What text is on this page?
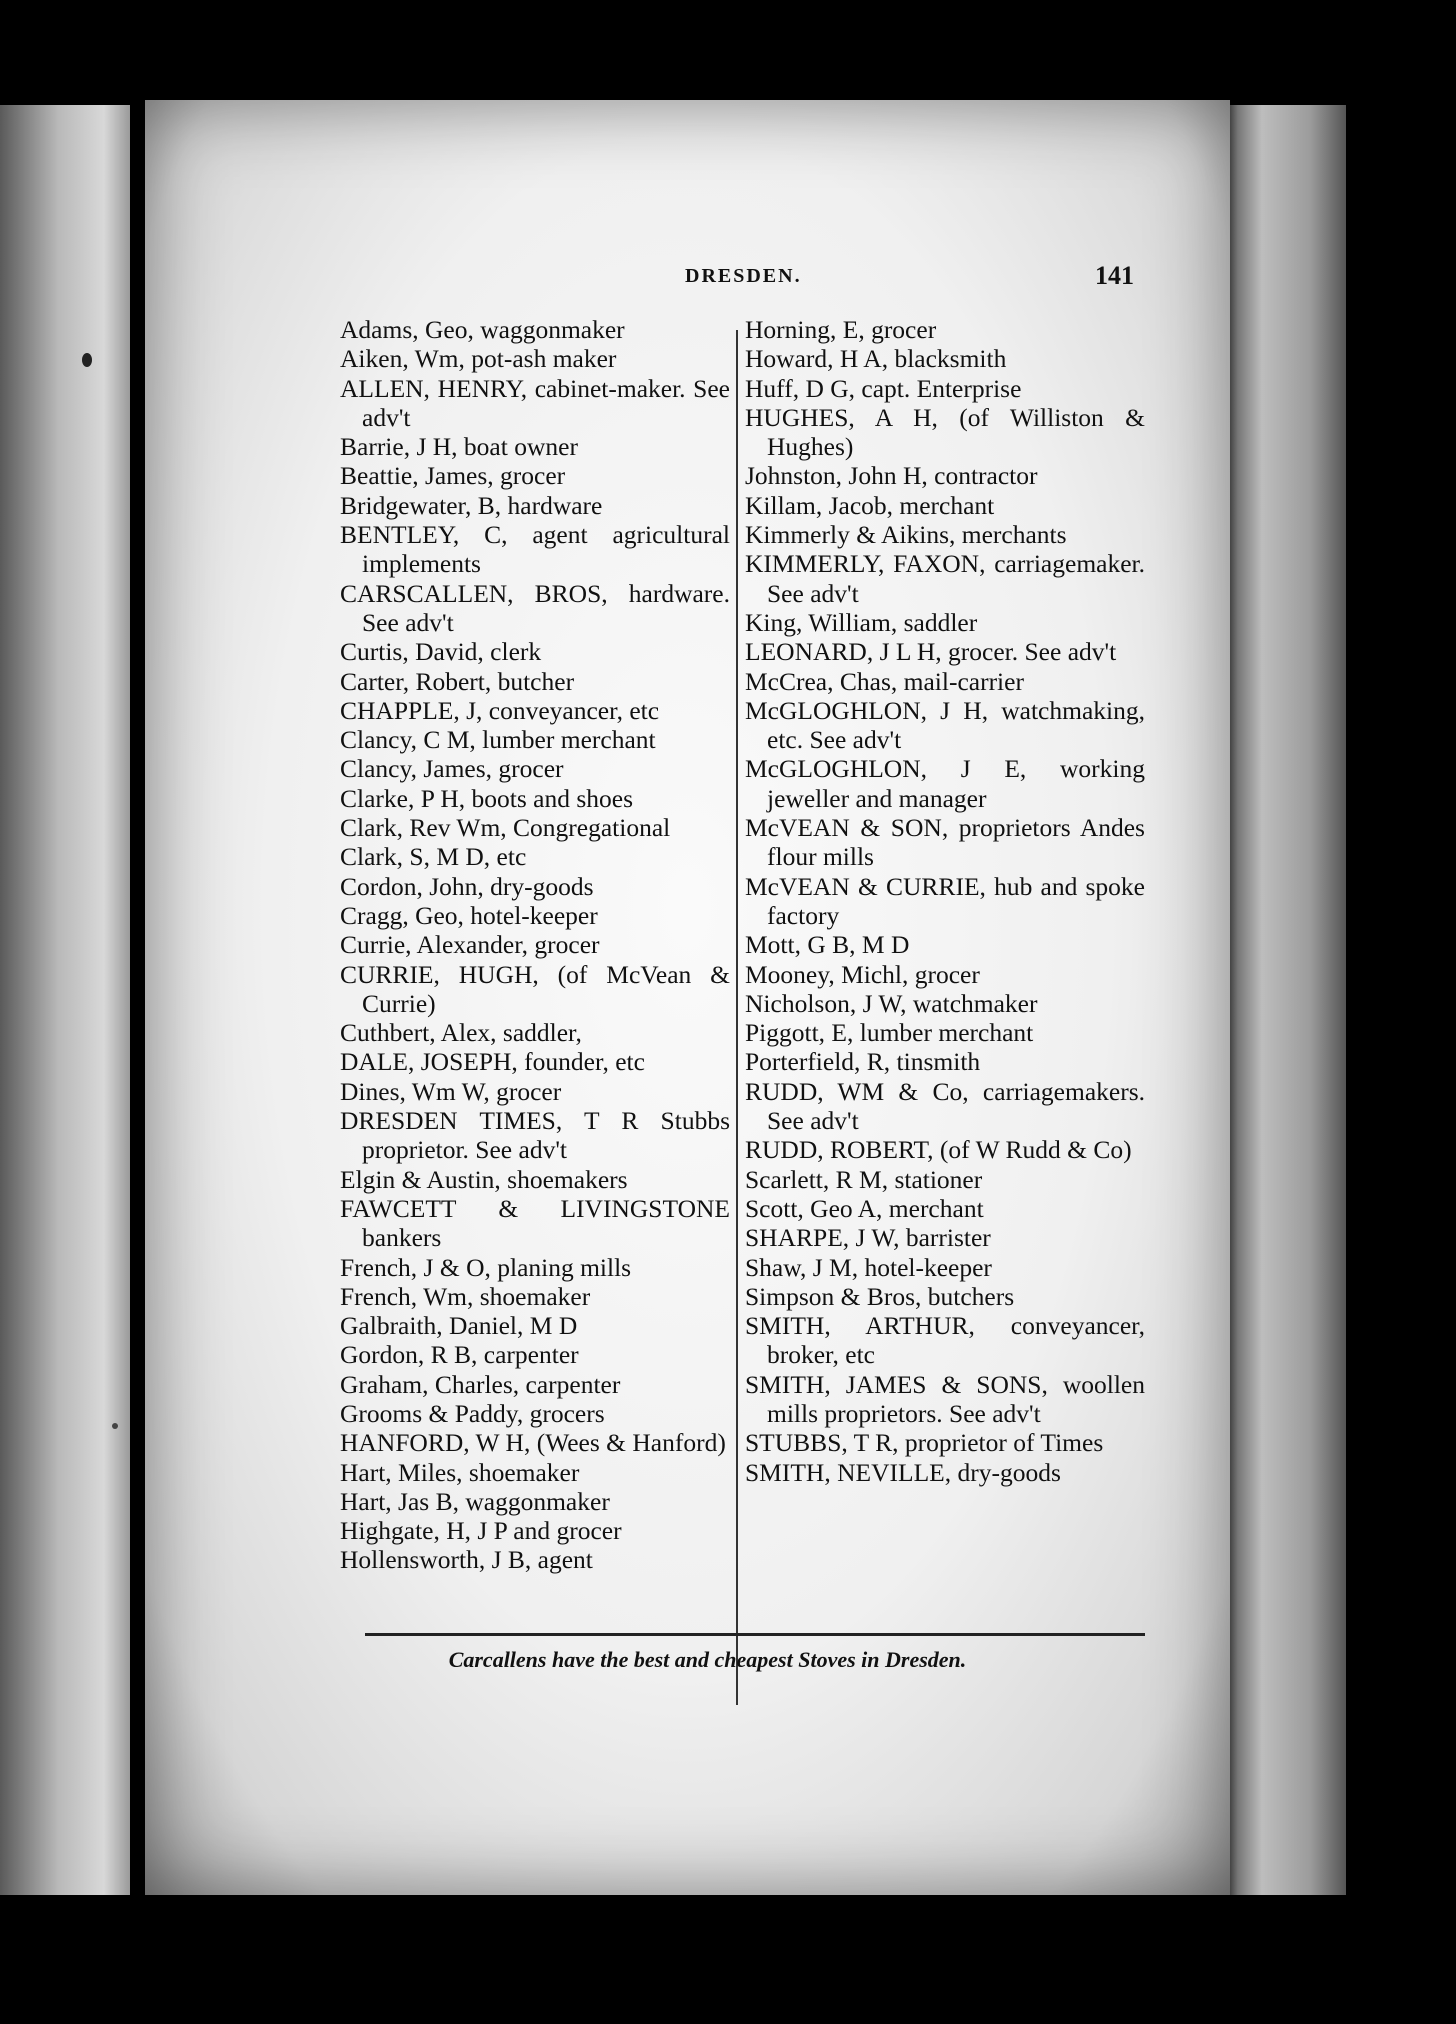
DRESDEN.	141
Adams, Geo, waggonmaker
Aiken, Wm, pot-ash maker
ALLEN, HENRY, cabinet-maker. See adv't
Barrie, J H, boat owner
Beattie, James, grocer
Bridgewater, B, hardware
BENTLEY, C, agent agricultural implements
CARSCALLEN, BROS, hardware. See adv't
Curtis, David, clerk
Carter, Robert, butcher
CHAPPLE, J, conveyancer, etc
Clancy, C M, lumber merchant
Clancy, James, grocer
Clarke, P H, boots and shoes
Clark, Rev Wm, Congregational
Clark, S, M D, etc
Cordon, John, dry-goods
Cragg, Geo, hotel-keeper
Currie, Alexander, grocer
CURRIE, HUGH, (of McVean & Currie)
Cuthbert, Alex, saddler,
DALE, JOSEPH, founder, etc
Dines, Wm W, grocer
DRESDEN TIMES, T R Stubbs proprietor. See adv't
Elgin & Austin, shoemakers
FAWCETT & LIVINGSTONE bankers
French, J & O, planing mills
French, Wm, shoemaker
Galbraith, Daniel, M D
Gordon, R B, carpenter
Graham, Charles, carpenter
Grooms & Paddy, grocers
HANFORD, W H, (Wees & Hanford)
Hart, Miles, shoemaker
Hart, Jas B, waggonmaker
Highgate, H, J P and grocer
Hollensworth, J B, agent
Horning, E, grocer
Howard, H A, blacksmith
Huff, D G, capt. Enterprise
HUGHES, A H, (of Williston & Hughes)
Johnston, John H, contractor
Killam, Jacob, merchant
Kimmerly & Aikins, merchants
KIMMERLY, FAXON, carriagemaker. See adv't
King, William, saddler
LEONARD, J L H, grocer. See adv't
McCrea, Chas, mail-carrier
McGLOGHLON, J H, watchmaking, etc. See adv't
McGLOGHLON, J E, working jeweller and manager
McVEAN & SON, proprietors Andes flour mills
McVEAN & CURRIE, hub and spoke factory
Mott, G B, M D
Mooney, Michl, grocer
Nicholson, J W, watchmaker
Piggott, E, lumber merchant
Porterfield, R, tinsmith
RUDD, WM & Co, carriagemakers. See adv't
RUDD, ROBERT, (of W Rudd & Co)
Scarlett, R M, stationer
Scott, Geo A, merchant
SHARPE, J W, barrister
Shaw, J M, hotel-keeper
Simpson & Bros, butchers
SMITH, ARTHUR, conveyancer, broker, etc
SMITH, JAMES & SONS, woollen mills proprietors. See adv't
STUBBS, T R, proprietor of Times
SMITH, NEVILLE, dry-goods
Carcallens have the best and cheapest Stoves in Dresden.
